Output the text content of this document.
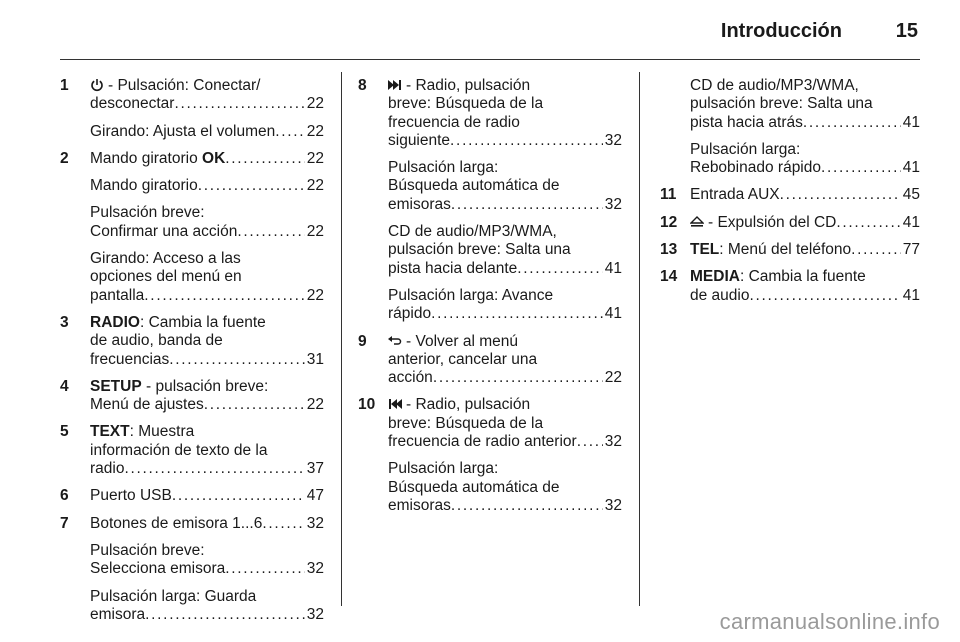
Introducción	15
1	- Pulsación: Conectar/
desconectar . . .	22
Girando: Ajusta el volumen . . . 22
2 Mando giratorio OK . . .	22
Mando giratorio . . .	22
Pulsación breve:
Confirmar una acción . . .	22
Girando: Acceso a las
opciones del menú en
pantalla . . .	22
3 RADIO: Cambia la fuente
de audio, banda de
frecuencias . . .	31
4 SETUP - pulsación breve:
Menú de ajustes . . .	22
5 TEXT: Muestra
información de texto de la
radio . . .	37
6 Puerto USB . . .	47
7 Botones de emisora 1...6 . . .	32
Pulsación breve:
Selecciona emisora . . .	32
Pulsación larga: Guarda
emisora . . .	32
8	- Radio, pulsación
breve: Búsqueda de la
frecuencia de radio
siguiente . . .	32
Pulsación larga:
Búsqueda automática de
emisoras . . .	32
CD de audio/MP3/WMA,
pulsación breve: Salta una
pista hacia delante . . .	41
Pulsación larga: Avance
rápido . . .	41
9	- Volver al menú
anterior, cancelar una
acción . . .	22
10	- Radio, pulsación
breve: Búsqueda de la
frecuencia de radio anterior . . . 32
Pulsación larga:
Búsqueda automática de
emisoras . . .	32
CD de audio/MP3/WMA,
pulsación breve: Salta una
pista hacia atrás . . .	41
Pulsación larga:
Rebobinado rápido . . .	41
11 Entrada AUX . . .	45
12	- Expulsión del CD . . .	41
13 TEL: Menú del teléfono . . .	77
14 MEDIA: Cambia la fuente
de audio . . .	41
carmanualsonline.info
